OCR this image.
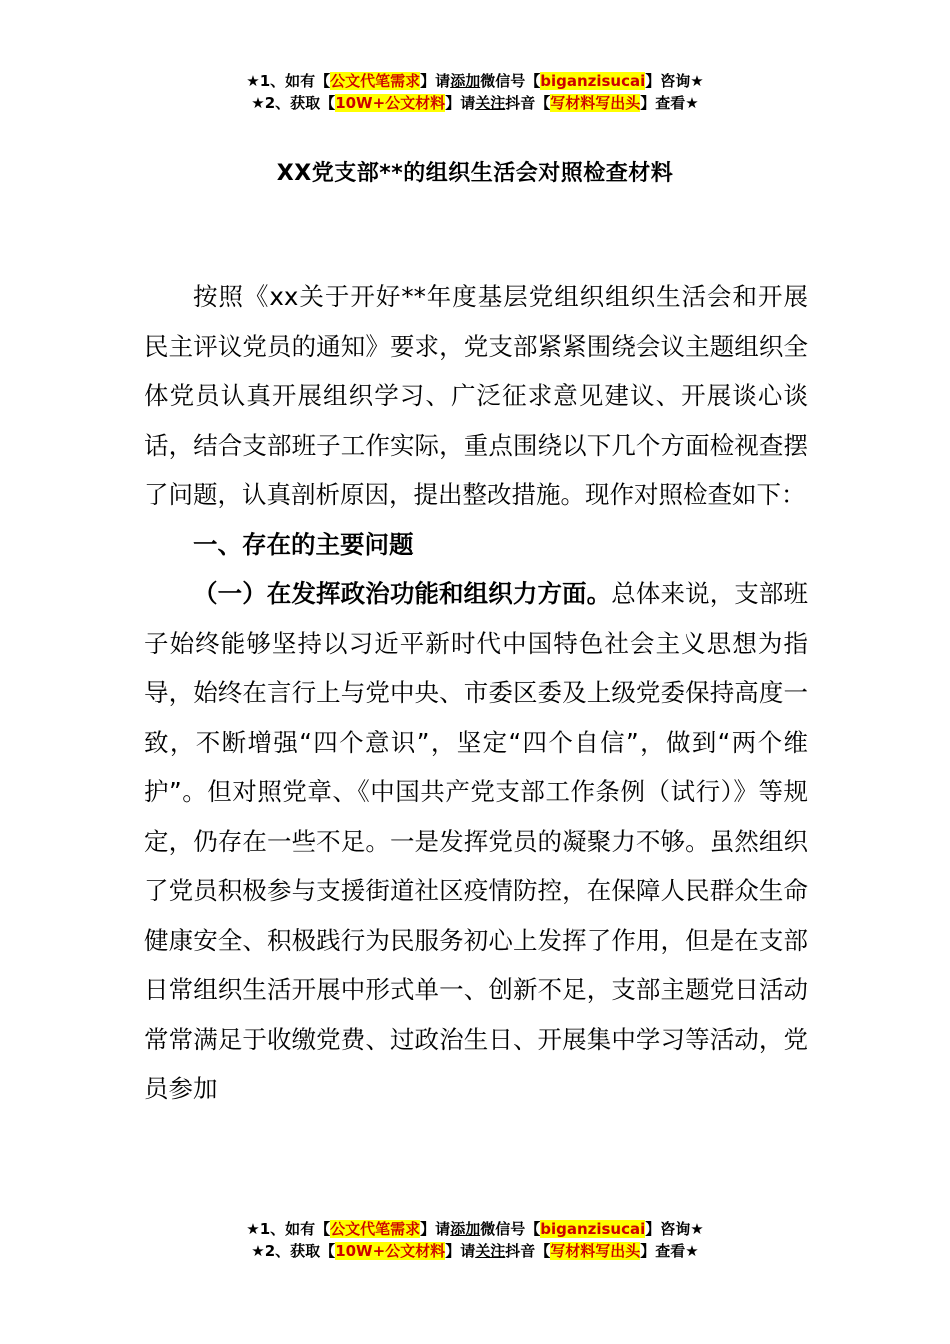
★1、如有【公文代笔需求】请添加微信号【biganzisucai】咨询★
★2、获取【10W+公文材料】请关注抖音【写材料写出头】查看★
XX党支部**的组织生活会对照检查材料

按照《xx关于开好**年度基层党组织组织生活会和开展民主评议党员的通知》要求，党支部紧紧围绕会议主题组织全体党员认真开展组织学习、广泛征求意见建议、开展谈心谈话，结合支部班子工作实际，重点围绕以下几个方面检视查摆了问题，认真剖析原因，提出整改措施。现作对照检查如下：

一、存在的主要问题

（一）在发挥政治功能和组织力方面。总体来说，支部班子始终能够坚持以习近平新时代中国特色社会主义思想为指导，始终在言行上与党中央、市委区委及上级党委保持高度一致，不断增强“四个意识”，坚定“四个自信”，做到“两个维护”。但对照党章、《中国共产党支部工作条例（试行）》等规定，仍存在一些不足。一是发挥党员的凝聚力不够。虽然组织了党员积极参与支援街道社区疫情防控，在保障人民群众生命健康安全、积极践行为民服务初心上发挥了作用，但是在支部日常组织生活开展中形式单一、创新不足，支部主题党日活动常常满足于收缴党费、过政治生日、开展集中学习等活动，党员参加

★1、如有【公文代笔需求】请添加微信号【biganzisucai】咨询★
★2、获取【10W+公文材料】请关注抖音【写材料写出头】查看★
